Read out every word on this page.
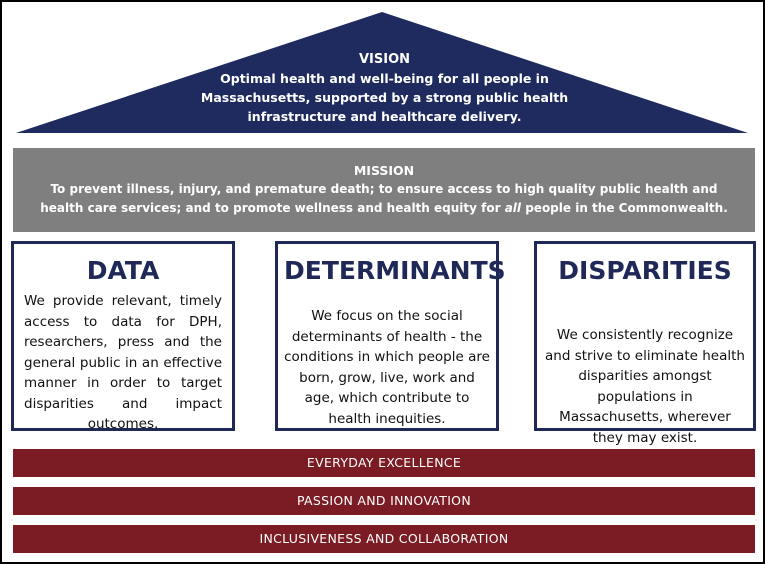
VISION
Optimal health and well-being for all people in
Massachusetts, supported by a strong public health
infrastructure and healthcare delivery.
MISSION
To prevent illness, injury, and premature death; to ensure access to high quality public health and health care services; and to promote wellness and health equity for all people in the Commonwealth.
DATA
We provide relevant, timely access to data for DPH, researchers, press and the general public in an effective manner in order to target disparities and impact outcomes.
DETERMINANTS
We focus on the social determinants of health - the conditions in which people are born, grow, live, work and age, which contribute to health inequities.
DISPARITIES
We consistently recognize and strive to eliminate health disparities amongst populations in Massachusetts, wherever they may exist.
EVERYDAY EXCELLENCE
PASSION AND INNOVATION
INCLUSIVENESS AND COLLABORATION
